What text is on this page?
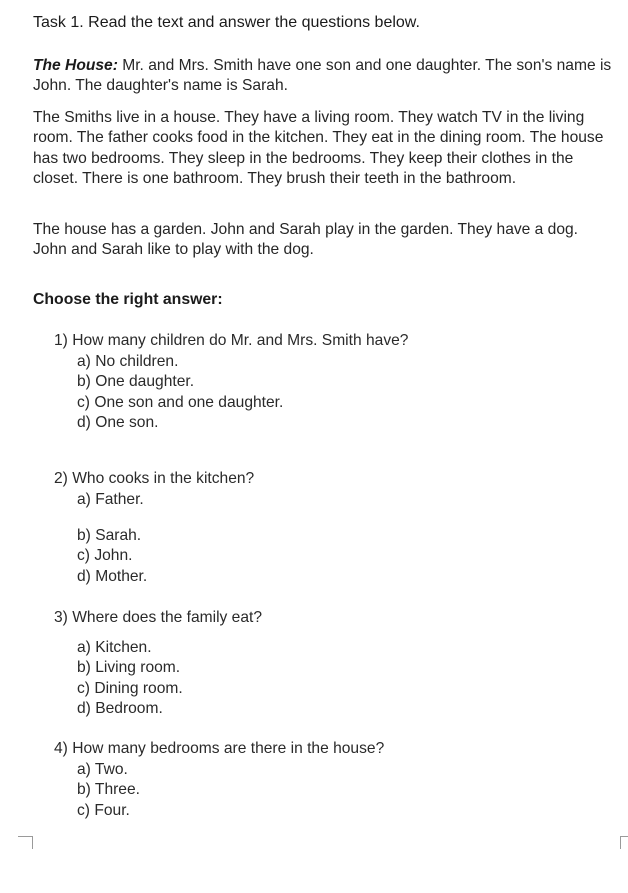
Task 1. Read the text and answer the questions below.
The House: Mr. and Mrs. Smith have one son and one daughter. The son's name is John. The daughter's name is Sarah.
The Smiths live in a house. They have a living room. They watch TV in the living room. The father cooks food in the kitchen. They eat in the dining room. The house has two bedrooms. They sleep in the bedrooms. They keep their clothes in the closet. There is one bathroom. They brush their teeth in the bathroom.
The house has a garden. John and Sarah play in the garden. They have a dog. John and Sarah like to play with the dog.
Choose the right answer:
1) How many children do Mr. and Mrs. Smith have?
a) No children.
b) One daughter.
c) One son and one daughter.
d) One son.
2) Who cooks in the kitchen?
a) Father.
b) Sarah.
c) John.
d) Mother.
3) Where does the family eat?
a) Kitchen.
b) Living room.
c) Dining room.
d) Bedroom.
4) How many bedrooms are there in the house?
a) Two.
b) Three.
c) Four.
